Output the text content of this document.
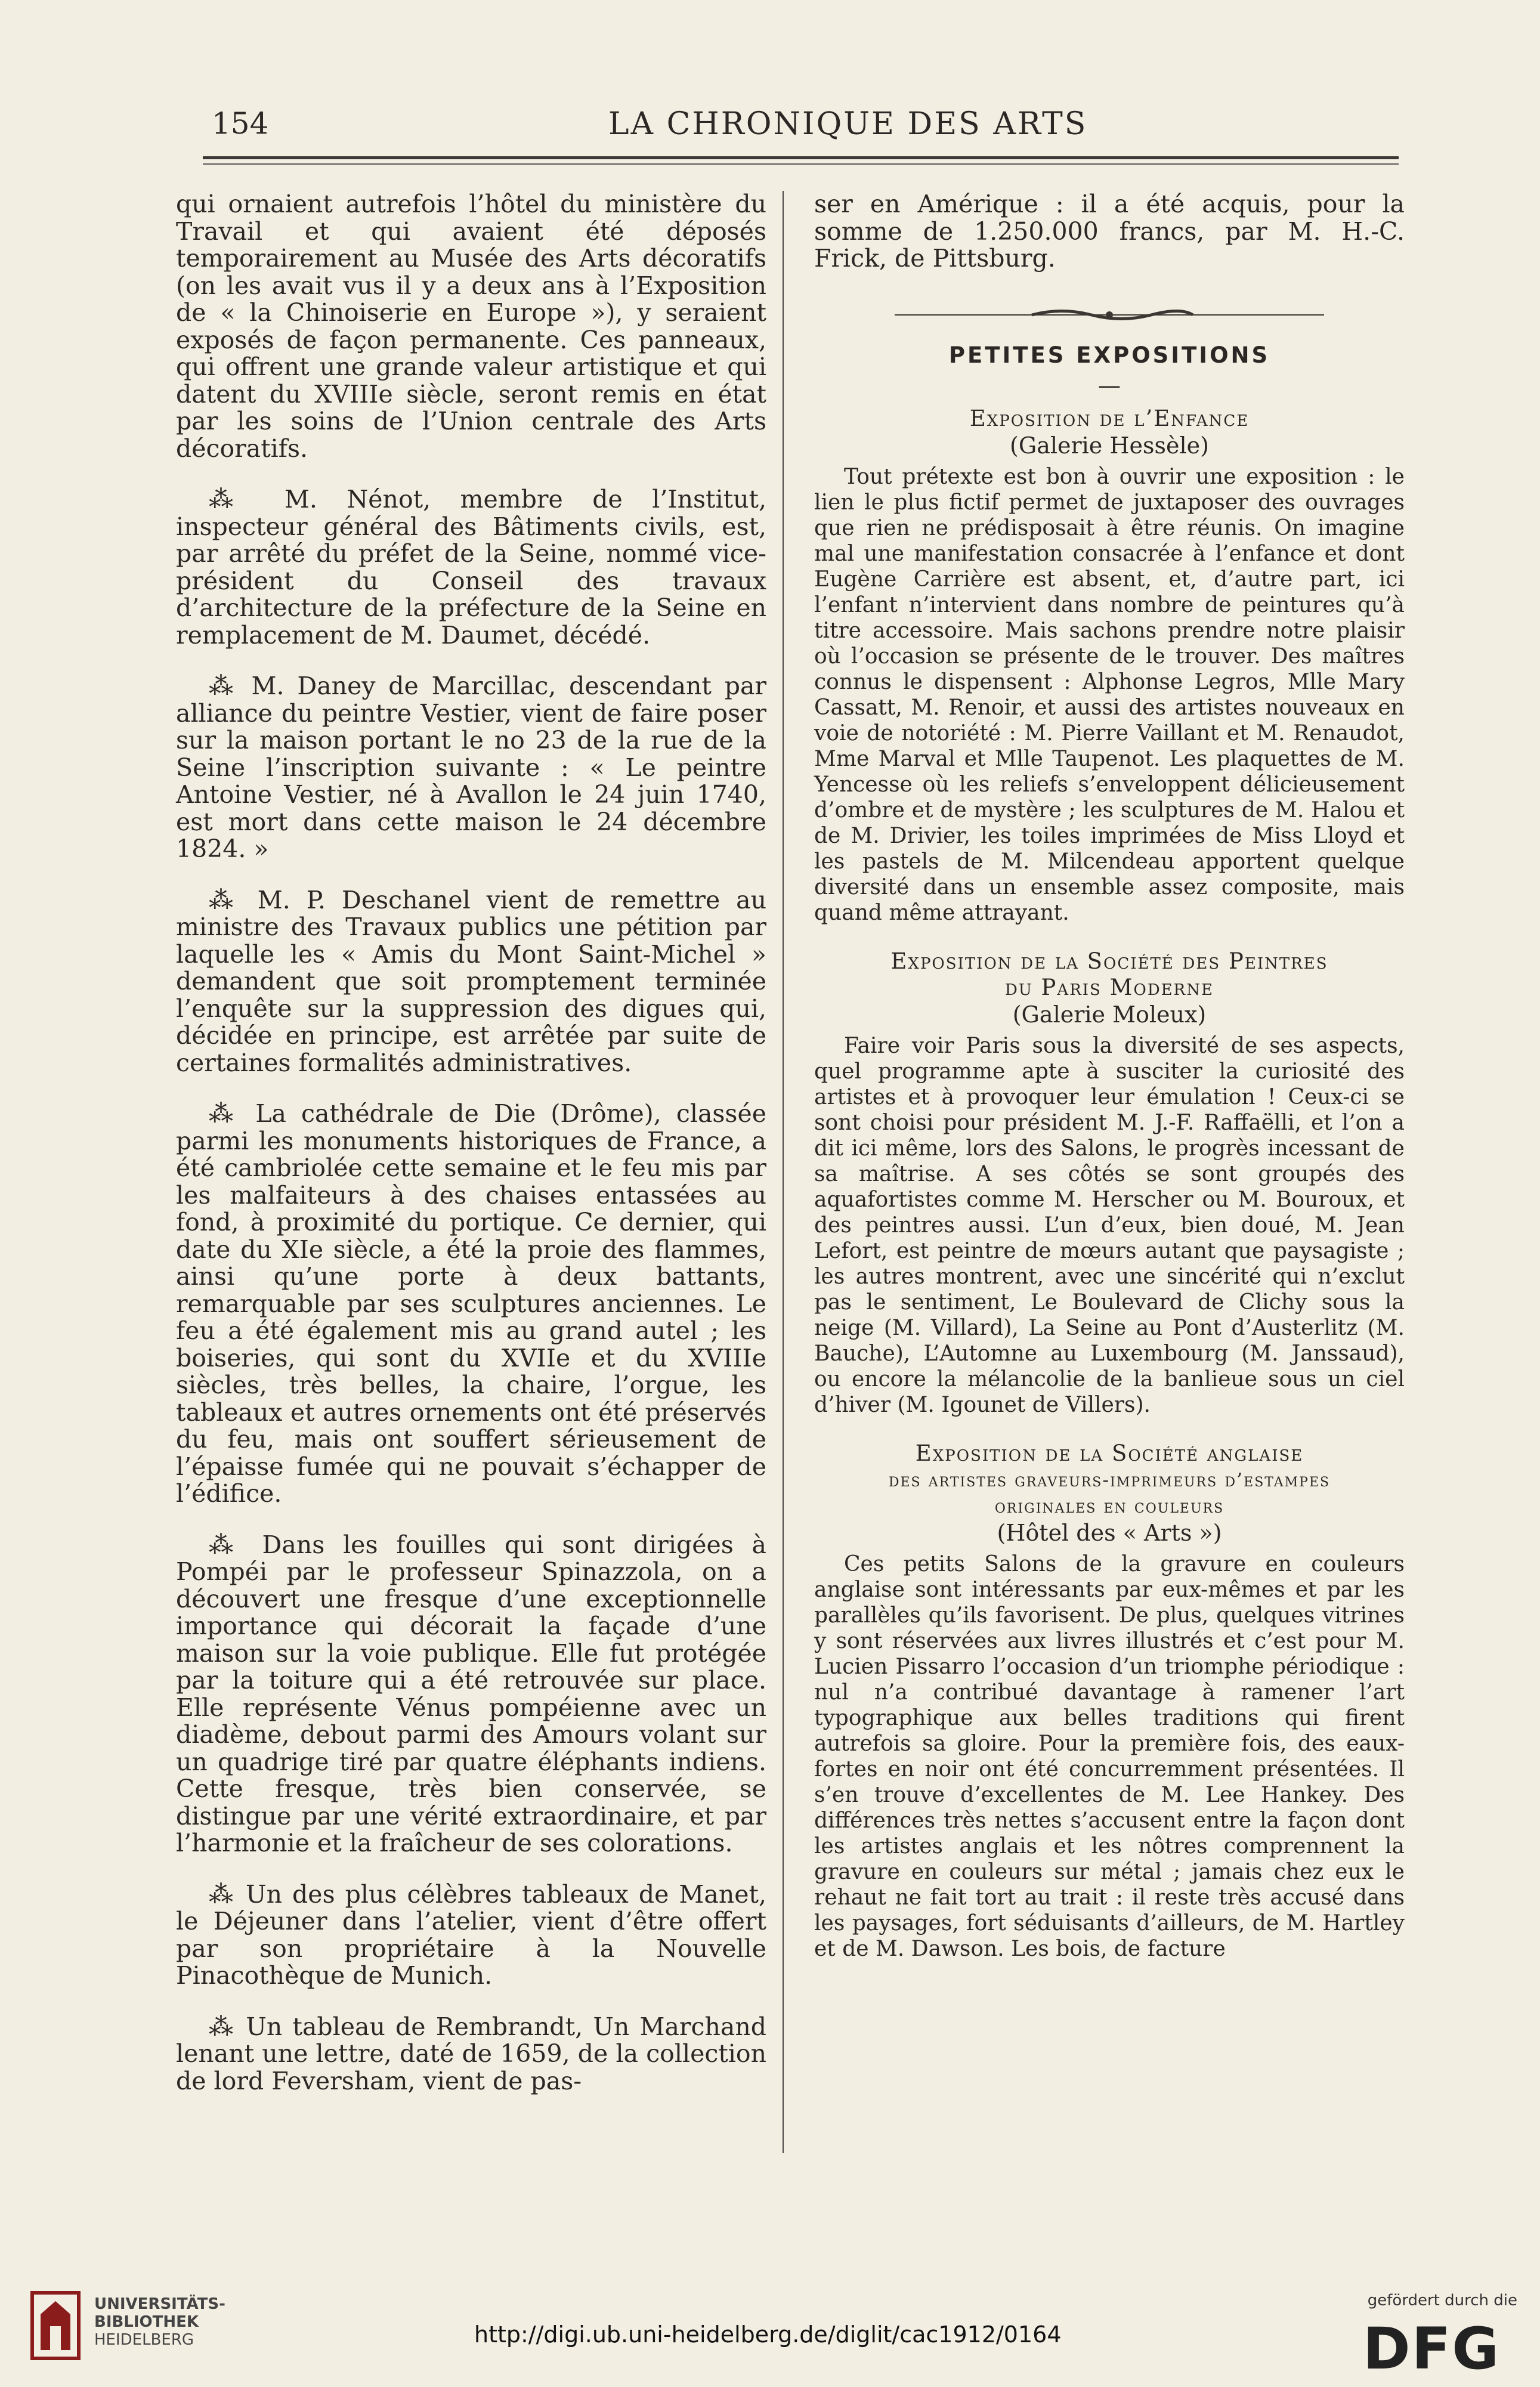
154	LA CHRONIQUE DES ARTS

qui ornaient autrefois l’hôtel du ministère du Travail et qui avaient été déposés temporairement au Musée des Arts décoratifs (on les avait vus il y a deux ans à l’Exposition de « la Chinoiserie en Europe »), y seraient exposés de façon permanente. Ces panneaux, qui offrent une grande valeur artistique et qui datent du XVIIIe siècle, seront remis en état par les soins de l’Union centrale des Arts décoratifs.

⁂ M. Nénot, membre de l’Institut, inspecteur général des Bâtiments civils, est, par arrêté du préfet de la Seine, nommé vice-président du Conseil des travaux d’architecture de la préfecture de la Seine en remplacement de M. Daumet, décédé.

⁂ M. Daney de Marcillac, descendant par alliance du peintre Vestier, vient de faire poser sur la maison portant le no 23 de la rue de la Seine l’inscription suivante : « Le peintre Antoine Vestier, né à Avallon le 24 juin 1740, est mort dans cette maison le 24 décembre 1824. »

⁂ M. P. Deschanel vient de remettre au ministre des Travaux publics une pétition par laquelle les « Amis du Mont Saint-Michel » demandent que soit promptement terminée l’enquête sur la suppression des digues qui, décidée en principe, est arrêtée par suite de certaines formalités administratives.

⁂ La cathédrale de Die (Drôme), classée parmi les monuments historiques de France, a été cambriolée cette semaine et le feu mis par les malfaiteurs à des chaises entassées au fond, à proximité du portique. Ce dernier, qui date du XIe siècle, a été la proie des flammes, ainsi qu’une porte à deux battants, remarquable par ses sculptures anciennes. Le feu a été également mis au grand autel ; les boiseries, qui sont du XVIIe et du XVIIIe siècles, très belles, la chaire, l’orgue, les tableaux et autres ornements ont été préservés du feu, mais ont souffert sérieusement de l’épaisse fumée qui ne pouvait s’échapper de l’édifice.

⁂ Dans les fouilles qui sont dirigées à Pompéi par le professeur Spinazzola, on a découvert une fresque d’une exceptionnelle importance qui décorait la façade d’une maison sur la voie publique. Elle fut protégée par la toiture qui a été retrouvée sur place. Elle représente Vénus pompéienne avec un diadème, debout parmi des Amours volant sur un quadrige tiré par quatre éléphants indiens. Cette fresque, très bien conservée, se distingue par une vérité extraordinaire, et par l’harmonie et la fraîcheur de ses colorations.

⁂ Un des plus célèbres tableaux de Manet, le Déjeuner dans l’atelier, vient d’être offert par son propriétaire à la Nouvelle Pinacothèque de Munich.

⁂ Un tableau de Rembrandt, Un Marchand lenant une lettre, daté de 1659, de la collection de lord Feversham, vient de pas-

ser en Amérique : il a été acquis, pour la somme de 1.250.000 francs, par M. H.-C. Frick, de Pittsburg.

PETITES EXPOSITIONS
—
Exposition de l’Enfance
(Galerie Hessèle)

Tout prétexte est bon à ouvrir une exposition : le lien le plus fictif permet de juxtaposer des ouvrages que rien ne prédisposait à être réunis. On imagine mal une manifestation consacrée à l’enfance et dont Eugène Carrière est absent, et, d’autre part, ici l’enfant n’intervient dans nombre de peintures qu’à titre accessoire. Mais sachons prendre notre plaisir où l’occasion se présente de le trouver. Des maîtres connus le dispensent : Alphonse Legros, Mlle Mary Cassatt, M. Renoir, et aussi des artistes nouveaux en voie de notoriété : M. Pierre Vaillant et M. Renaudot, Mme Marval et Mlle Taupenot. Les plaquettes de M. Yencesse où les reliefs s’enveloppent délicieusement d’ombre et de mystère ; les sculptures de M. Halou et de M. Drivier, les toiles imprimées de Miss Lloyd et les pastels de M. Milcendeau apportent quelque diversité dans un ensemble assez composite, mais quand même attrayant.

Exposition de la Société des Peintres
du Paris Moderne
(Galerie Moleux)

Faire voir Paris sous la diversité de ses aspects, quel programme apte à susciter la curiosité des artistes et à provoquer leur émulation ! Ceux-ci se sont choisi pour président M. J.-F. Raffaëlli, et l’on a dit ici même, lors des Salons, le progrès incessant de sa maîtrise. A ses côtés se sont groupés des aquafortistes comme M. Herscher ou M. Bouroux, et des peintres aussi. L’un d’eux, bien doué, M. Jean Lefort, est peintre de mœurs autant que paysagiste ; les autres montrent, avec une sincérité qui n’exclut pas le sentiment, Le Boulevard de Clichy sous la neige (M. Villard), La Seine au Pont d’Austerlitz (M. Bauche), L’Automne au Luxembourg (M. Janssaud), ou encore la mélancolie de la banlieue sous un ciel d’hiver (M. Igounet de Villers).

Exposition de la Société anglaise
des artistes graveurs-imprimeurs d’estampes
originales en couleurs
(Hôtel des « Arts »)

Ces petits Salons de la gravure en couleurs anglaise sont intéressants par eux-mêmes et par les parallèles qu’ils favorisent. De plus, quelques vitrines y sont réservées aux livres illustrés et c’est pour M. Lucien Pissarro l’occasion d’un triomphe périodique : nul n’a contribué davantage à ramener l’art typographique aux belles traditions qui firent autrefois sa gloire. Pour la première fois, des eaux-fortes en noir ont été concurremment présentées. Il s’en trouve d’excellentes de M. Lee Hankey. Des différences très nettes s’accusent entre la façon dont les artistes anglais et les nôtres comprennent la gravure en couleurs sur métal ; jamais chez eux le rehaut ne fait tort au trait : il reste très accusé dans les paysages, fort séduisants d’ailleurs, de M. Hartley et de M. Dawson. Les bois, de facture

UNIVERSITÄTS-
BIBLIOTHEK
HEIDELBERG	http://digi.ub.uni-heidelberg.de/diglit/cac1912/0164
gefördert durch die
DFG
